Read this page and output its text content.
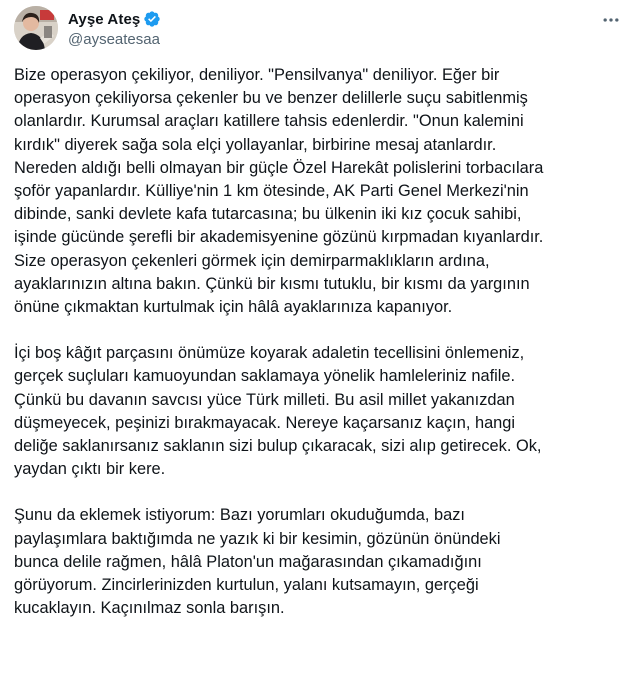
Ayşe Ateş
@ayseatesaa
Bize operasyon çekiliyor, deniliyor. "Pensilvanya" deniliyor. Eğer bir
operasyon çekiliyorsa çekenler bu ve benzer delillerle suçu sabitlenmiş
olanlardır. Kurumsal araçları katillere tahsis edenlerdir. "Onun kalemini
kırdık" diyerek sağa sola elçi yollayanlar, birbirine mesaj atanlardır.
Nereden aldığı belli olmayan bir güçle Özel Harekât polislerini torbacılara
şoför yapanlardır. Külliye'nin 1 km ötesinde, AK Parti Genel Merkezi'nin
dibinde, sanki devlete kafa tutarcasına; bu ülkenin iki kız çocuk sahibi,
işinde gücünde şerefli bir akademisyenine gözünü kırpmadan kıyanlardır.
Size operasyon çekenleri görmek için demirparmaklıkların ardına,
ayaklarınızın altına bakın. Çünkü bir kısmı tutuklu, bir kısmı da yargının
önüne çıkmaktan kurtulmak için hâlâ ayaklarınıza kapanıyor.
İçi boş kâğıt parçasını önümüze koyarak adaletin tecellisini önlemeniz,
gerçek suçluları kamuoyundan saklamaya yönelik hamleleriniz nafile.
Çünkü bu davanın savcısı yüce Türk milleti. Bu asil millet yakanızdan
düşmeyecek, peşinizi bırakmayacak. Nereye kaçarsanız kaçın, hangi
deliğe saklanırsanız saklanın sizi bulup çıkaracak, sizi alıp getirecek. Ok,
yaydan çıktı bir kere.
Şunu da eklemek istiyorum: Bazı yorumları okuduğumda, bazı
paylaşımlara baktığımda ne yazık ki bir kesimin, gözünün önündeki
bunca delile rağmen, hâlâ Platon'un mağarasından çıkamadığını
görüyorum. Zincirlerinizden kurtulun, yalanı kutsamayın, gerçeği
kucaklayın. Kaçınılmaz sonla barışın.
